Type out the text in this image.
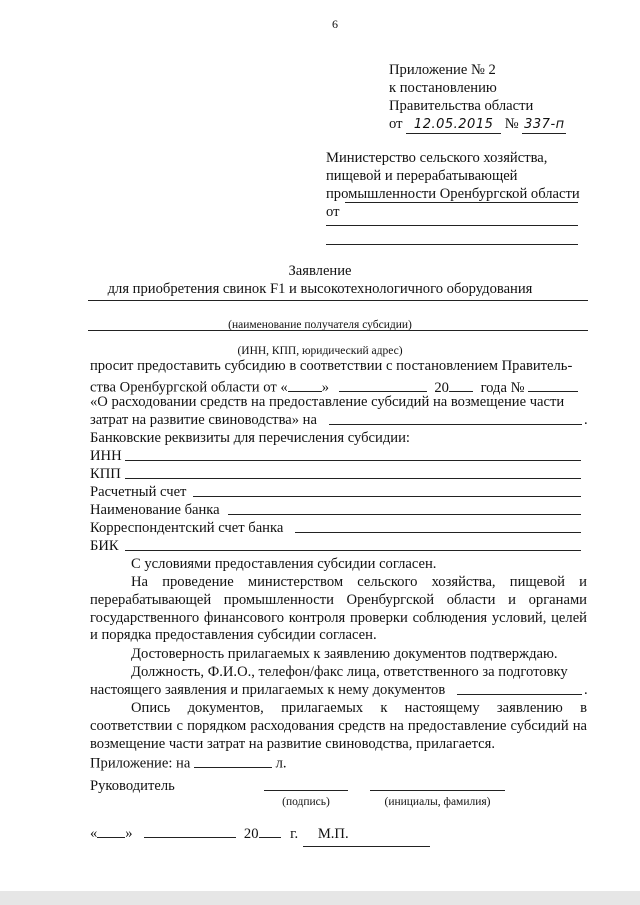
6
Приложение № 2
к постановлению
Правительства области
от 12.05.2015 № 337-п
Министерство сельского хозяйства,
пищевой и перерабатывающей
промышленности Оренбургской области
от
Заявление
для приобретения свинок F1 и высокотехнологичного оборудования
(наименование получателя субсидии)
(ИНН, КПП, юридический адрес)
просит предоставить субсидию в соответствии с постановлением Правитель-
ства Оренбургской области от « »	20 года №
«О расходовании средств на предоставление субсидий на возмещение части
затрат на развитие свиноводства» на	.
Банковские реквизиты для перечисления субсидии:
ИНН
КПП
Расчетный счет
Наименование банка
Корреспондентский счет банка
БИК
С условиями предоставления субсидии согласен.
На проведение министерством сельского хозяйства, пищевой и перерабатывающей промышленности Оренбургской области и органами государственного финансового контроля проверки соблюдения условий, целей и порядка предоставления субсидии согласен.
Достоверность прилагаемых к заявлению документов подтверждаю.
Должность, Ф.И.О., телефон/факс лица, ответственного за подготовку
настоящего заявления и прилагаемых к нему документов	.
Опись документов, прилагаемых к настоящему заявлению в соответствии с порядком расходования средств на предоставление субсидий на возмещение части затрат на развитие свиноводства, прилагается.
Приложение: на	л.
Руководитель
(подпись)	(инициалы, фамилия)
« »	20 г. М.П.
